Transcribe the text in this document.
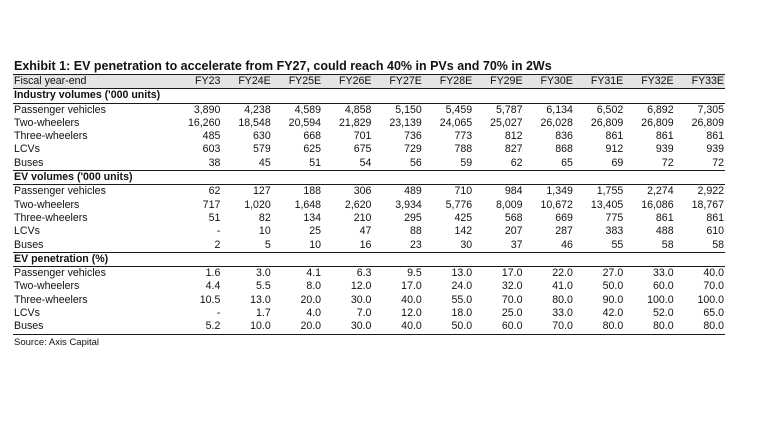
Exhibit 1: EV penetration to accelerate from FY27, could reach 40% in PVs and 70% in 2Ws
Fiscal year-end	FY23	FY24E	FY25E	FY26E	FY27E	FY28E	FY29E	FY30E	FY31E	FY32E	FY33E
Industry volumes ('000 units)											
Passenger vehicles	3,890	4,238	4,589	4,858	5,150	5,459	5,787	6,134	6,502	6,892	7,305
Two-wheelers	16,260	18,548	20,594	21,829	23,139	24,065	25,027	26,028	26,809	26,809	26,809
Three-wheelers	485	630	668	701	736	773	812	836	861	861	861
LCVs	603	579	625	675	729	788	827	868	912	939	939
Buses	38	45	51	54	56	59	62	65	69	72	72
EV volumes ('000 units)											
Passenger vehicles	62	127	188	306	489	710	984	1,349	1,755	2,274	2,922
Two-wheelers	717	1,020	1,648	2,620	3,934	5,776	8,009	10,672	13,405	16,086	18,767
Three-wheelers	51	82	134	210	295	425	568	669	775	861	861
LCVs	-	10	25	47	88	142	207	287	383	488	610
Buses	2	5	10	16	23	30	37	46	55	58	58
EV penetration (%)											
Passenger vehicles	1.6	3.0	4.1	6.3	9.5	13.0	17.0	22.0	27.0	33.0	40.0
Two-wheelers	4.4	5.5	8.0	12.0	17.0	24.0	32.0	41.0	50.0	60.0	70.0
Three-wheelers	10.5	13.0	20.0	30.0	40.0	55.0	70.0	80.0	90.0	100.0	100.0
LCVs	-	1.7	4.0	7.0	12.0	18.0	25.0	33.0	42.0	52.0	65.0
Buses	5.2	10.0	20.0	30.0	40.0	50.0	60.0	70.0	80.0	80.0	80.0
Source: Axis Capital
